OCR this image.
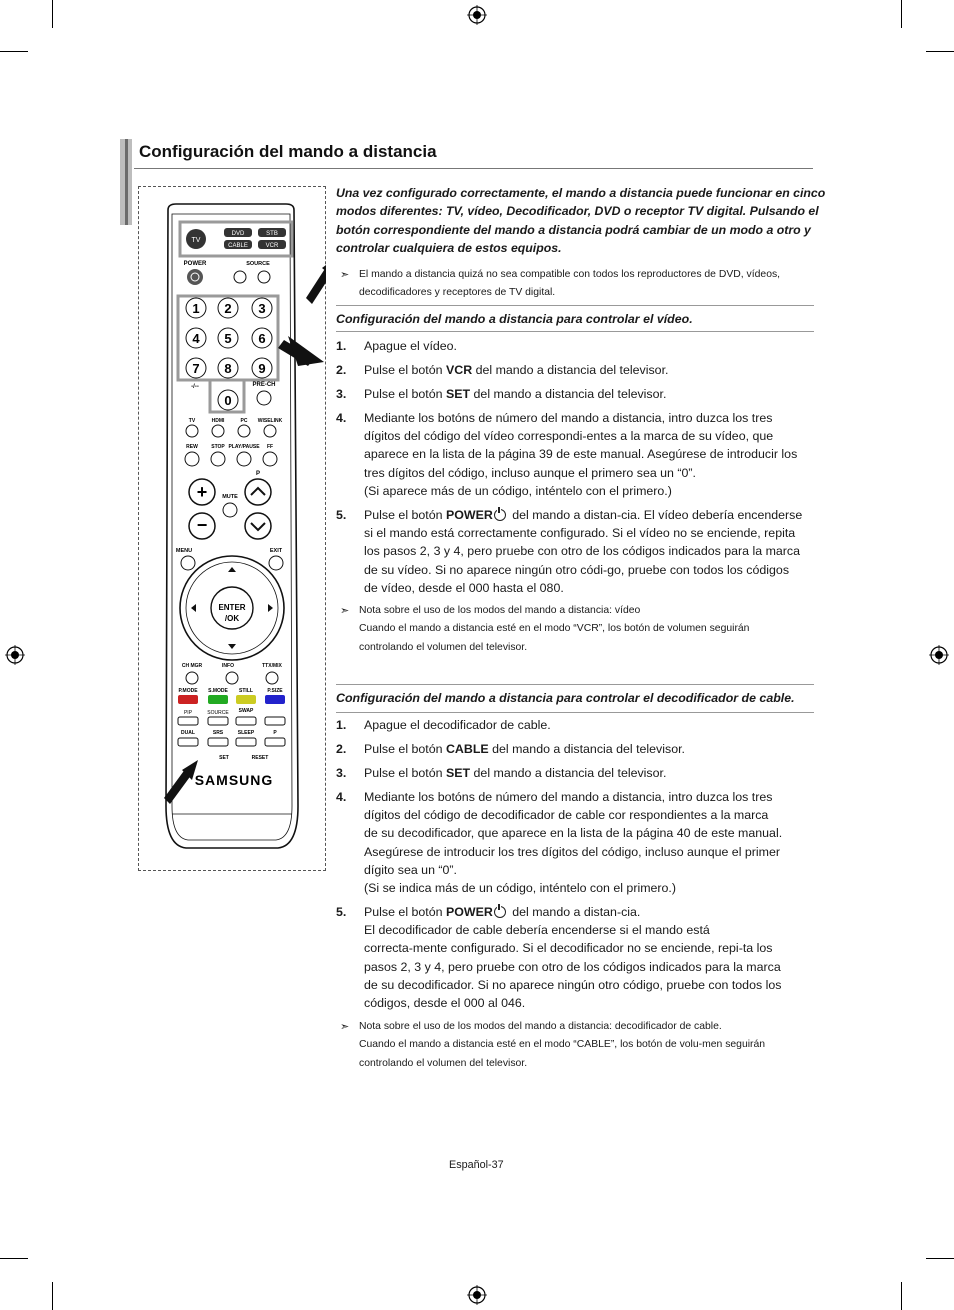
Configuración del mando a distancia
TV
DVD	STB
CABLE	VCR
POWER	SOURCE
1 2 3
4 5 6
7 8 9
0
-/--	PRE-CH
TV	HDMI	PC WISELINK
REW	STOP PLAY/PAUSE FF
+
−
P
MUTE
MENU	EXIT
ENTER
/OK
CH MGR	INFO	TTX/MIX
P.MODE S.MODE STILL	P.SIZE
PIP	SOURCE SWAP
DUAL	SRS	SLEEP	P
SET	RESET
SAMSUNG
Una vez configurado correctamente, el mando a distancia puede funcionar en cinco
modos diferentes: TV, vídeo, Decodificador, DVD o receptor TV digital. Pulsando el
botón correspondiente del mando a distancia podrá cambiar de un modo a otro y
controlar cualquiera de estos equipos.
➣ El mando a distancia quizá no sea compatible con todos los reproductores de DVD, vídeos,
decodificadores y receptores de TV digital.
Configuración del mando a distancia para controlar el vídeo.
1.	Apague el vídeo.
2.	Pulse el botón VCR del mando a distancia del televisor.
3.	Pulse el botón SET del mando a distancia del televisor.
4.	Mediante los botóns de número del mando a distancia, intro duzca los tres
dígitos del código del vídeo correspondi-entes a la marca de su vídeo, que
aparece en la lista de la página 39 de este manual. Asegúrese de introducir los
tres dígitos del código, incluso aunque el primero sea un “0”.
(Si aparece más de un código, inténtelo con el primero.)
5.	Pulse el botón POWER del mando a distan-cia. El vídeo debería encenderse
si el mando está correctamente configurado. Si el vídeo no se enciende, repita
los pasos 2, 3 y 4, pero pruebe con otro de los códigos indicados para la marca
de su vídeo. Si no aparece ningún otro códi-go, pruebe con todos los códigos
de vídeo, desde el 000 hasta el 080.
➣ Nota sobre el uso de los modos del mando a distancia: vídeo
Cuando el mando a distancia esté en el modo “VCR”, los botón de volumen seguirán
controlando el volumen del televisor.
Configuración del mando a distancia para controlar el decodificador de cable.
1.	Apague el decodificador de cable.
2.	Pulse el botón CABLE del mando a distancia del televisor.
3.	Pulse el botón SET del mando a distancia del televisor.
4.	Mediante los botóns de número del mando a distancia, intro duzca los tres
dígitos del código de decodificador de cable cor respondientes a la marca
de su decodificador, que aparece en la lista de la página 40 de este manual.
Asegúrese de introducir los tres dígitos del código, incluso aunque el primer
dígito sea un “0”.
(Si se indica más de un código, inténtelo con el primero.)
5.	Pulse el botón POWER del mando a distan-cia.
El decodificador de cable debería encenderse si el mando está
correcta-mente configurado. Si el decodificador no se enciende, repi-ta los
pasos 2, 3 y 4, pero pruebe con otro de los códigos indicados para la marca
de su decodificador. Si no aparece ningún otro código, pruebe con todos los
códigos, desde el 000 al 046.
➣ Nota sobre el uso de los modos del mando a distancia: decodificador de cable.
Cuando el mando a distancia esté en el modo “CABLE”, los botón de volu-men seguirán
controlando el volumen del televisor.
Español-37
